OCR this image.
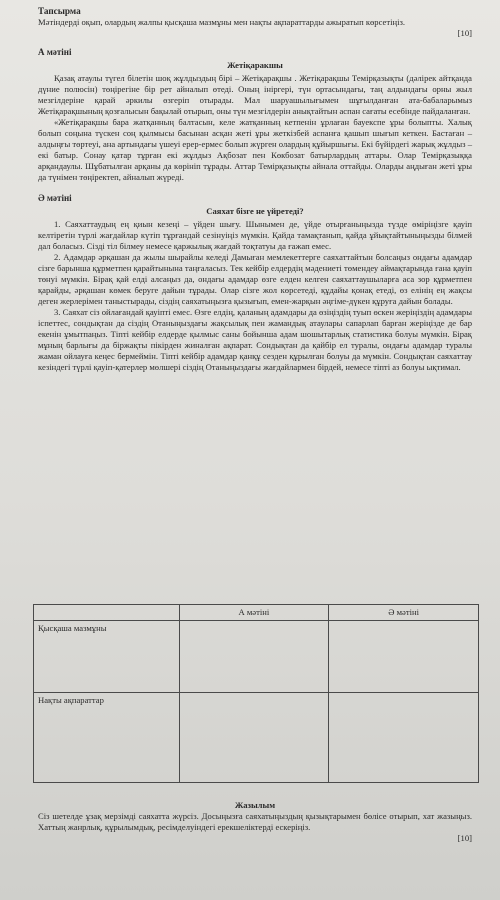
Тапсырма

Мәтіндерді оқып, олардың жалпы қысқаша мазмұны мен нақты ақпараттарды ажыратып көрсетіңіз.

[10]

А мәтіні

Жетіқаракшы

Қазақ атаулы түгел білетін шоқ жұлдыздың бірі – Жетіқарақшы . Жетіқарақшы Темірқазықты (дәлірек айтқанда дүние полюсін) төңірегіне бір рет айналып өтеді. Оның ініргері, түн ортасындағы, таң алдындағы орны жыл мезгілдеріне қарай әркилы өзгеріп отырады. Мал шаруашылығымен шұғылданған ата-бабаларымыз Жетіқарақшының қозғалысын бақылай отырып, оны түн мезгілдерін анықтайтын аспан сағаты есебінде пайдаланған.

«Жетіқарақшы бара жатқанның балтасын, келе жатқанның кетпенін ұрлаған бауекспе ұры болыпты. Халық болып соңына түскен соң қылмысы басынан асқан жеті ұры жеткізбей аспанға қашып шығып кеткен. Бастаған – алдыңғы төртеуі, ана артындағы үшеуі ерер-ермес болып жүрген олардың құйыршығы. Екі бүйірдегі жарық жұлдыз – екі батыр. Сонау қатар тұрған екі жұлдыз Ақбозат пен Көкбозат батырлардың аттары. Олар Темірқазыққа арқандаулы. Шұбатылған арқаны да көрініп тұрады. Аттар Темірқазықты айнала оттайды. Оларды аңдыған жеті ұры да түнімен төңіректеп, айналып жүреді.

Ә мәтіні

Саяхат бізге не үйретеді?

1. Саяхаттаудың ең қиын кезеңі – үйден шығу. Шынымен де, үйде отырғаныңызда түзде өміріңізге қауіп келтіретін түрлі жағдайлар күтіп тұрғандай сезінуіңіз мүмкін. Қайда тамақтанып, қайда ұйықтайтыныңызды білмей дал боласыз. Сізді тіл білмеу немесе қаржылық жағдай тоқтатуы да ғажап емес.

2. Адамдар әрқашан да жылы шырайлы келеді Дамыған мемлекеттерге саяхаттайтын болсаңыз ондағы адамдар сізге барынша құрметпен қарайтынына таңғаласыз. Тек кейбір елдердің мәдениеті төмендеу аймақтарында ғана қауіп төнуі мүмкін. Бірақ қай елді алсаңыз да, ондағы адамдар өзге елден келген саяхаттаушыларға аса зор құрметпен қарайды, әрқашан көмек беруге дайын тұрады. Олар сізге жол көрсетеді, құдайы қонақ етеді, өз елінің ең жақсы деген жерлерімен таныстырады, сіздің саяхатыңызға қызығып, емен-жарқын әңгіме-дүкен құруға дайын болады.

3. Саяхат сіз ойлағандай қауіпті емес. Өзге елдің, қаланың адамдары да өзіңіздің туып өскен жеріңіздің адамдары іспеттес, сондықтан да сіздің Отаныңыздағы жақсылық пен жамандық атаулары сапарлап барған жеріңізде де бар екенін ұмытпаңыз. Тіпті кейбір елдерде қылмыс саны бойынша адам шошытарлық статистика болуы мүмкін. Бірақ мұның барлығы да біржақты пікірден жиналған ақпарат. Сондықтан да қайбір ел туралы, ондағы адамдар туралы жаман ойлауға кеңес бермеймін. Тіпті кейбір адамдар қанқұ сезден құрылған болуы да мүмкін. Сондықтан саяхаттау кезіндегі түрлі қауіп-қатерлер мөлшері сіздің Отаныңыздағы жағдайлармен бірдей, немесе тіпті аз болуы ықтимал.

	А мәтіні	Ә мәтіні
Қысқаша мазмұны		
Нақты ақпараттар		

Жазылым

Сіз шетелде ұзақ мерзімді саяхатта жүрсіз. Досыңызға саяхатыңыздың қызықтарымен бөлісе отырып, хат жазыңыз. Хаттың жанрлық, құрылымдық, ресімделуіндегі ерекшеліктерді ескеріңіз.

[10]
